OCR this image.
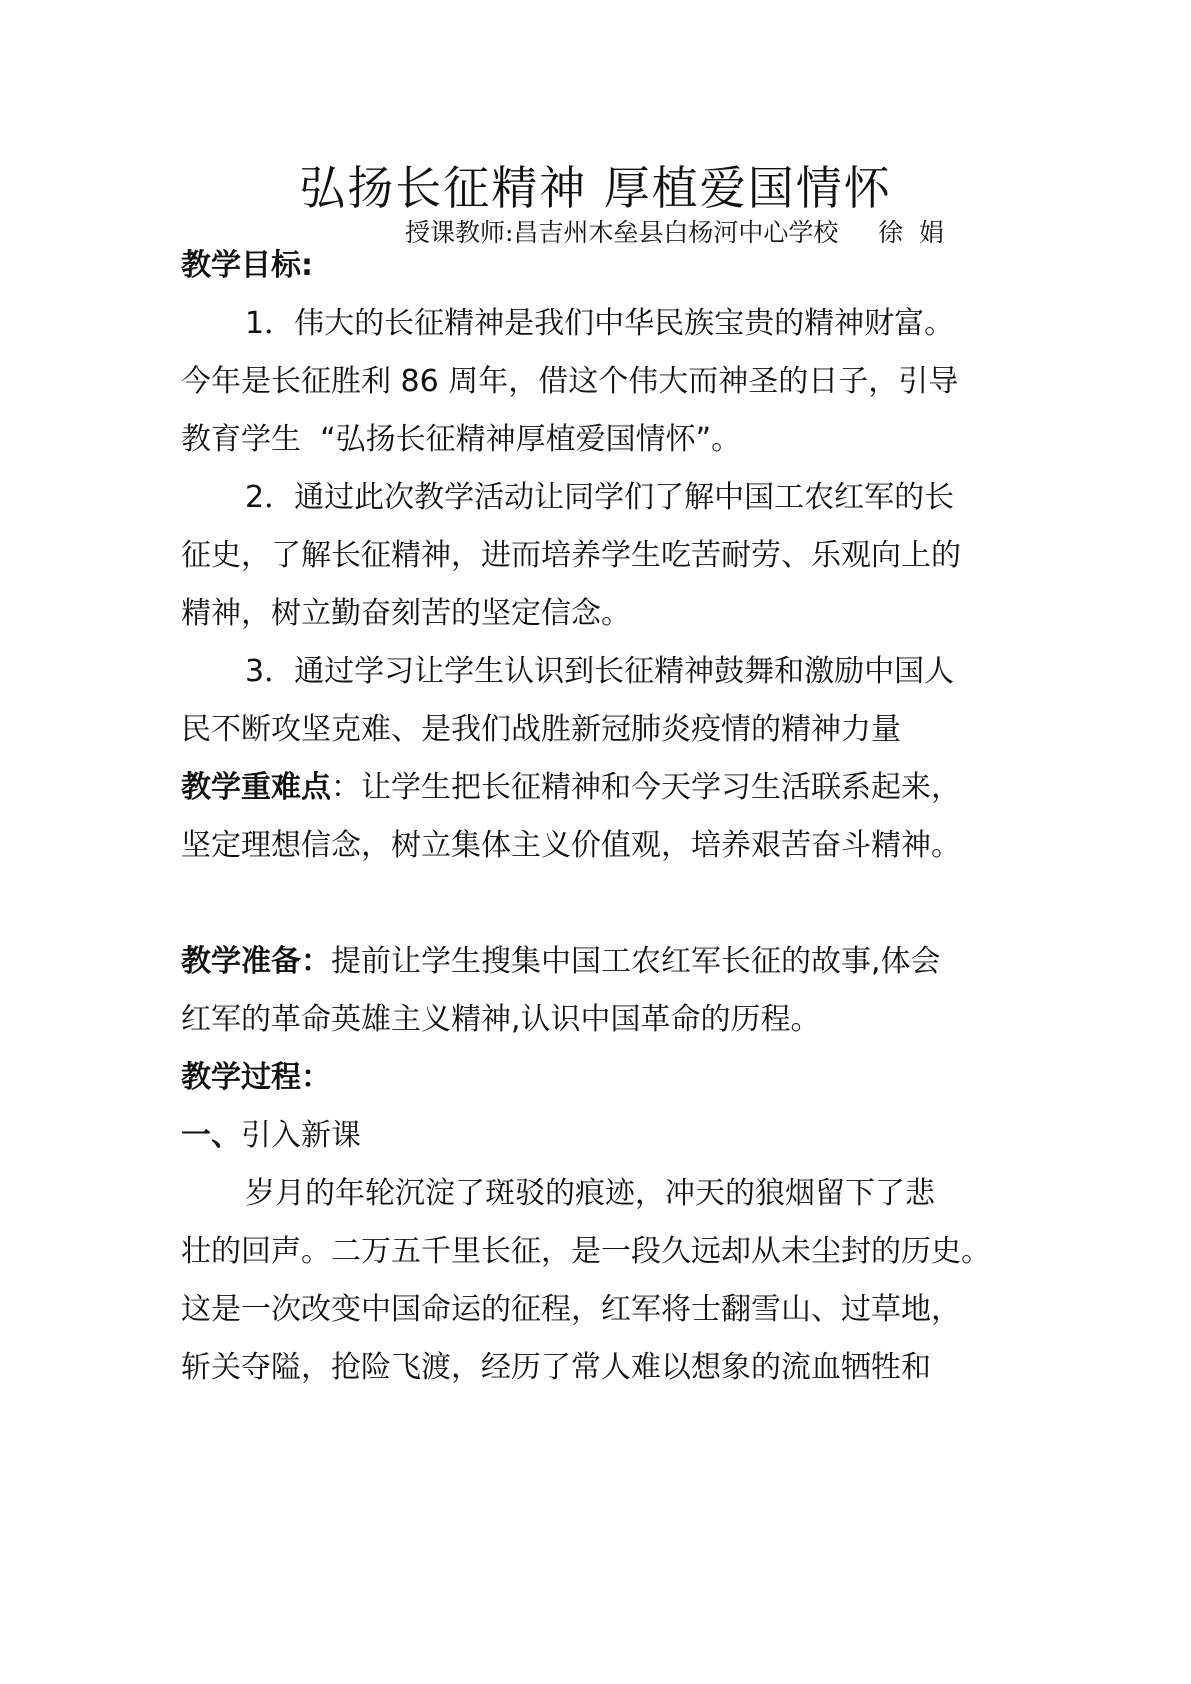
弘扬长征精神 厚植爱国情怀

授课教师:昌吉州木垒县白杨河中心学校     徐  娟

教学目标:

1．伟大的长征精神是我们中华民族宝贵的精神财富。

今年是长征胜利 86 周年，借这个伟大而神圣的日子，引导

教育学生  “弘扬长征精神厚植爱国情怀”。

2．通过此次教学活动让同学们了解中国工农红军的长

征史，了解长征精神，进而培养学生吃苦耐劳、乐观向上的

精神，树立勤奋刻苦的坚定信念。

3．通过学习让学生认识到长征精神鼓舞和激励中国人

民不断攻坚克难、是我们战胜新冠肺炎疫情的精神力量

教学重难点：让学生把长征精神和今天学习生活联系起来，

坚定理想信念，树立集体主义价值观，培养艰苦奋斗精神。

教学准备：提前让学生搜集中国工农红军长征的故事,体会

红军的革命英雄主义精神,认识中国革命的历程。

教学过程：

一、引入新课

岁月的年轮沉淀了斑驳的痕迹，冲天的狼烟留下了悲

壮的回声。二万五千里长征，是一段久远却从未尘封的历史。

这是一次改变中国命运的征程，红军将士翻雪山、过草地，

斩关夺隘，抢险飞渡，经历了常人难以想象的流血牺牲和
